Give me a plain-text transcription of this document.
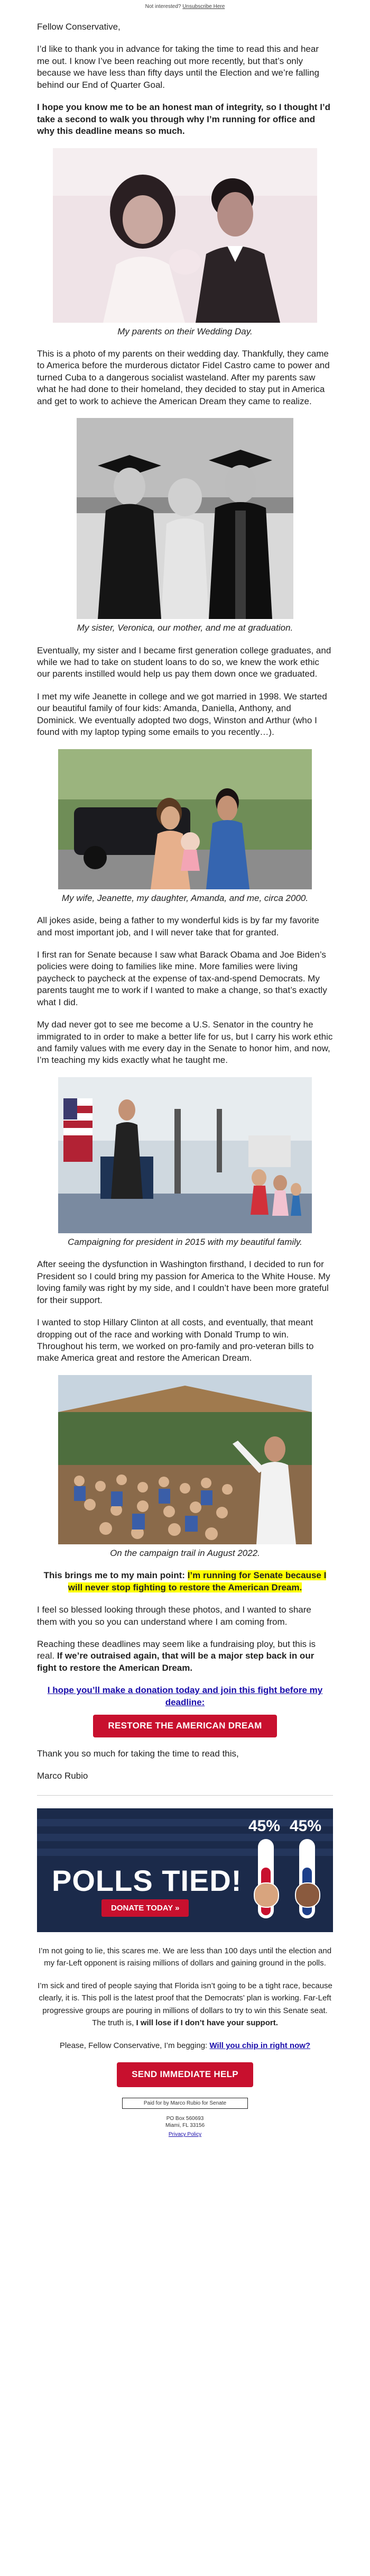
Not interested?
Unsubscribe Here

Fellow Conservative,

I’d like to thank you in advance for taking the time to read this and hear me out. I know I’ve been reaching out more recently, but that’s only because we have less than fifty days until the Election and we’re falling behind our End of Quarter Goal.

I hope you know me to be an honest man of integrity, so I thought I’d take a second to walk you through why I’m running for office and why this deadline means so much.

My parents on their Wedding Day.

This is a photo of my parents on their wedding day. Thankfully, they came to America before the murderous dictator Fidel Castro came to power and turned Cuba to a dangerous socialist wasteland. After my parents saw what he had done to their homeland, they decided to stay put in America and get to work to achieve the American Dream they came to realize.

My sister, Veronica, our mother, and me at graduation.

Eventually, my sister and I became first generation college graduates, and while we had to take on student loans to do so, we knew the work ethic our parents instilled would help us pay them down once we graduated.

I met my wife Jeanette in college and we got married in 1998. We started our beautiful family of four kids: Amanda, Daniella, Anthony, and Dominick. We eventually adopted two dogs, Winston and Arthur (who I found with my laptop typing some emails to you recently…).

My wife, Jeanette, my daughter, Amanda, and me, circa 2000.

All jokes aside, being a father to my wonderful kids is by far my favorite and most important job, and I will never take that for granted.

I first ran for Senate because I saw what Barack Obama and Joe Biden’s policies were doing to families like mine. More families were living paycheck to paycheck at the expense of tax-and-spend Democrats. My parents taught me to work if I wanted to make a change, so that’s exactly what I did.

My dad never got to see me become a U.S. Senator in the country he immigrated to in order to make a better life for us, but I carry his work ethic and family values with me every day in the Senate to honor him, and now, I’m teaching my kids exactly what he taught me.

Campaigning for president in 2015 with my beautiful family.

After seeing the dysfunction in Washington firsthand, I decided to run for President so I could bring my passion for America to the White House. My loving family was right by my side, and I couldn’t have been more grateful for their support.

I wanted to stop Hillary Clinton at all costs, and eventually, that meant dropping out of the race and working with Donald Trump to win. Throughout his term, we worked on pro-family and pro-veteran bills to make America great and restore the American Dream.

On the campaign trail in August 2022.

This brings me to my main point: I’m running for Senate because I will never stop fighting to restore the American Dream.

I feel so blessed looking through these photos, and I wanted to share them with you so you can understand where I am coming from.

Reaching these deadlines may seem like a fundraising ploy, but this is real. If we’re outraised again, that will be a major step back in our fight to restore the American Dream.

I hope you’ll make a donation today and join this fight before my deadline:

RESTORE THE AMERICAN DREAM

Thank you so much for taking the time to read this,

Marco Rubio

POLLS TIED!
DONATE TODAY »
45% 45%

I’m not going to lie, this scares me. We are less than 100 days until the election and my far-Left opponent is raising millions of dollars and gaining ground in the polls.

I’m sick and tired of people saying that Florida isn’t going to be a tight race, because clearly, it is. This poll is the latest proof that the Democrats’ plan is working. Far-Left progressive groups are pouring in millions of dollars to try to win this Senate seat. The truth is, I will lose if I don’t have your support.

Please, Fellow Conservative, I’m begging: Will you chip in right now?

SEND IMMEDIATE HELP

Paid for by Marco Rubio for Senate
PO Box 560693
Miami, FL 33156
Privacy Policy
